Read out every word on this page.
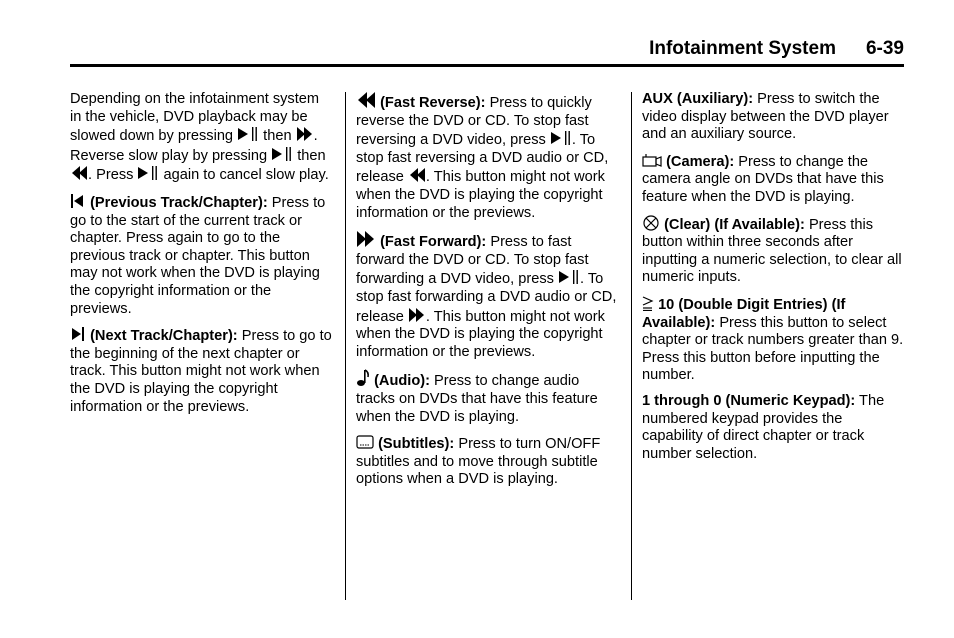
Infotainment System 6-39

Depending on the infotainment system in the vehicle, DVD playback may be slowed down by pressing
then
. Reverse slow play by pressing
then
. Press
again to cancel slow play.

(Previous Track/Chapter): Press to go to the start of the current track or chapter. Press again to go to the previous track or chapter. This button may not work when the DVD is playing the copyright information or the previews.

(Next Track/Chapter): Press to go to the beginning of the next chapter or track. This button might not work when the DVD is playing the copyright information or the previews.

(Fast Reverse): Press to quickly reverse the DVD or CD. To stop fast reversing a DVD video, press
. To stop fast reversing a DVD audio or CD, release
. This button might not work when the DVD is playing the copyright information or the previews.

(Fast Forward): Press to fast forward the DVD or CD. To stop fast forwarding a DVD video, press
. To stop fast forwarding a DVD audio or CD, release
. This button might not work when the DVD is playing the copyright information or the previews.

(Audio): Press to change audio tracks on DVDs that have this feature when the DVD is playing.

(Subtitles): Press to turn ON/OFF subtitles and to move through subtitle options when a DVD is playing.

AUX (Auxiliary): Press to switch the video display between the DVD player and an auxiliary source.

(Camera): Press to change the camera angle on DVDs that have this feature when the DVD is playing.

(Clear) (If Available): Press this button within three seconds after inputting a numeric selection, to clear all numeric inputs.

10 (Double Digit Entries) (If Available): Press this button to select chapter or track numbers greater than 9. Press this button before inputting the number.

1 through 0 (Numeric Keypad): The numbered keypad provides the capability of direct chapter or track number selection.
